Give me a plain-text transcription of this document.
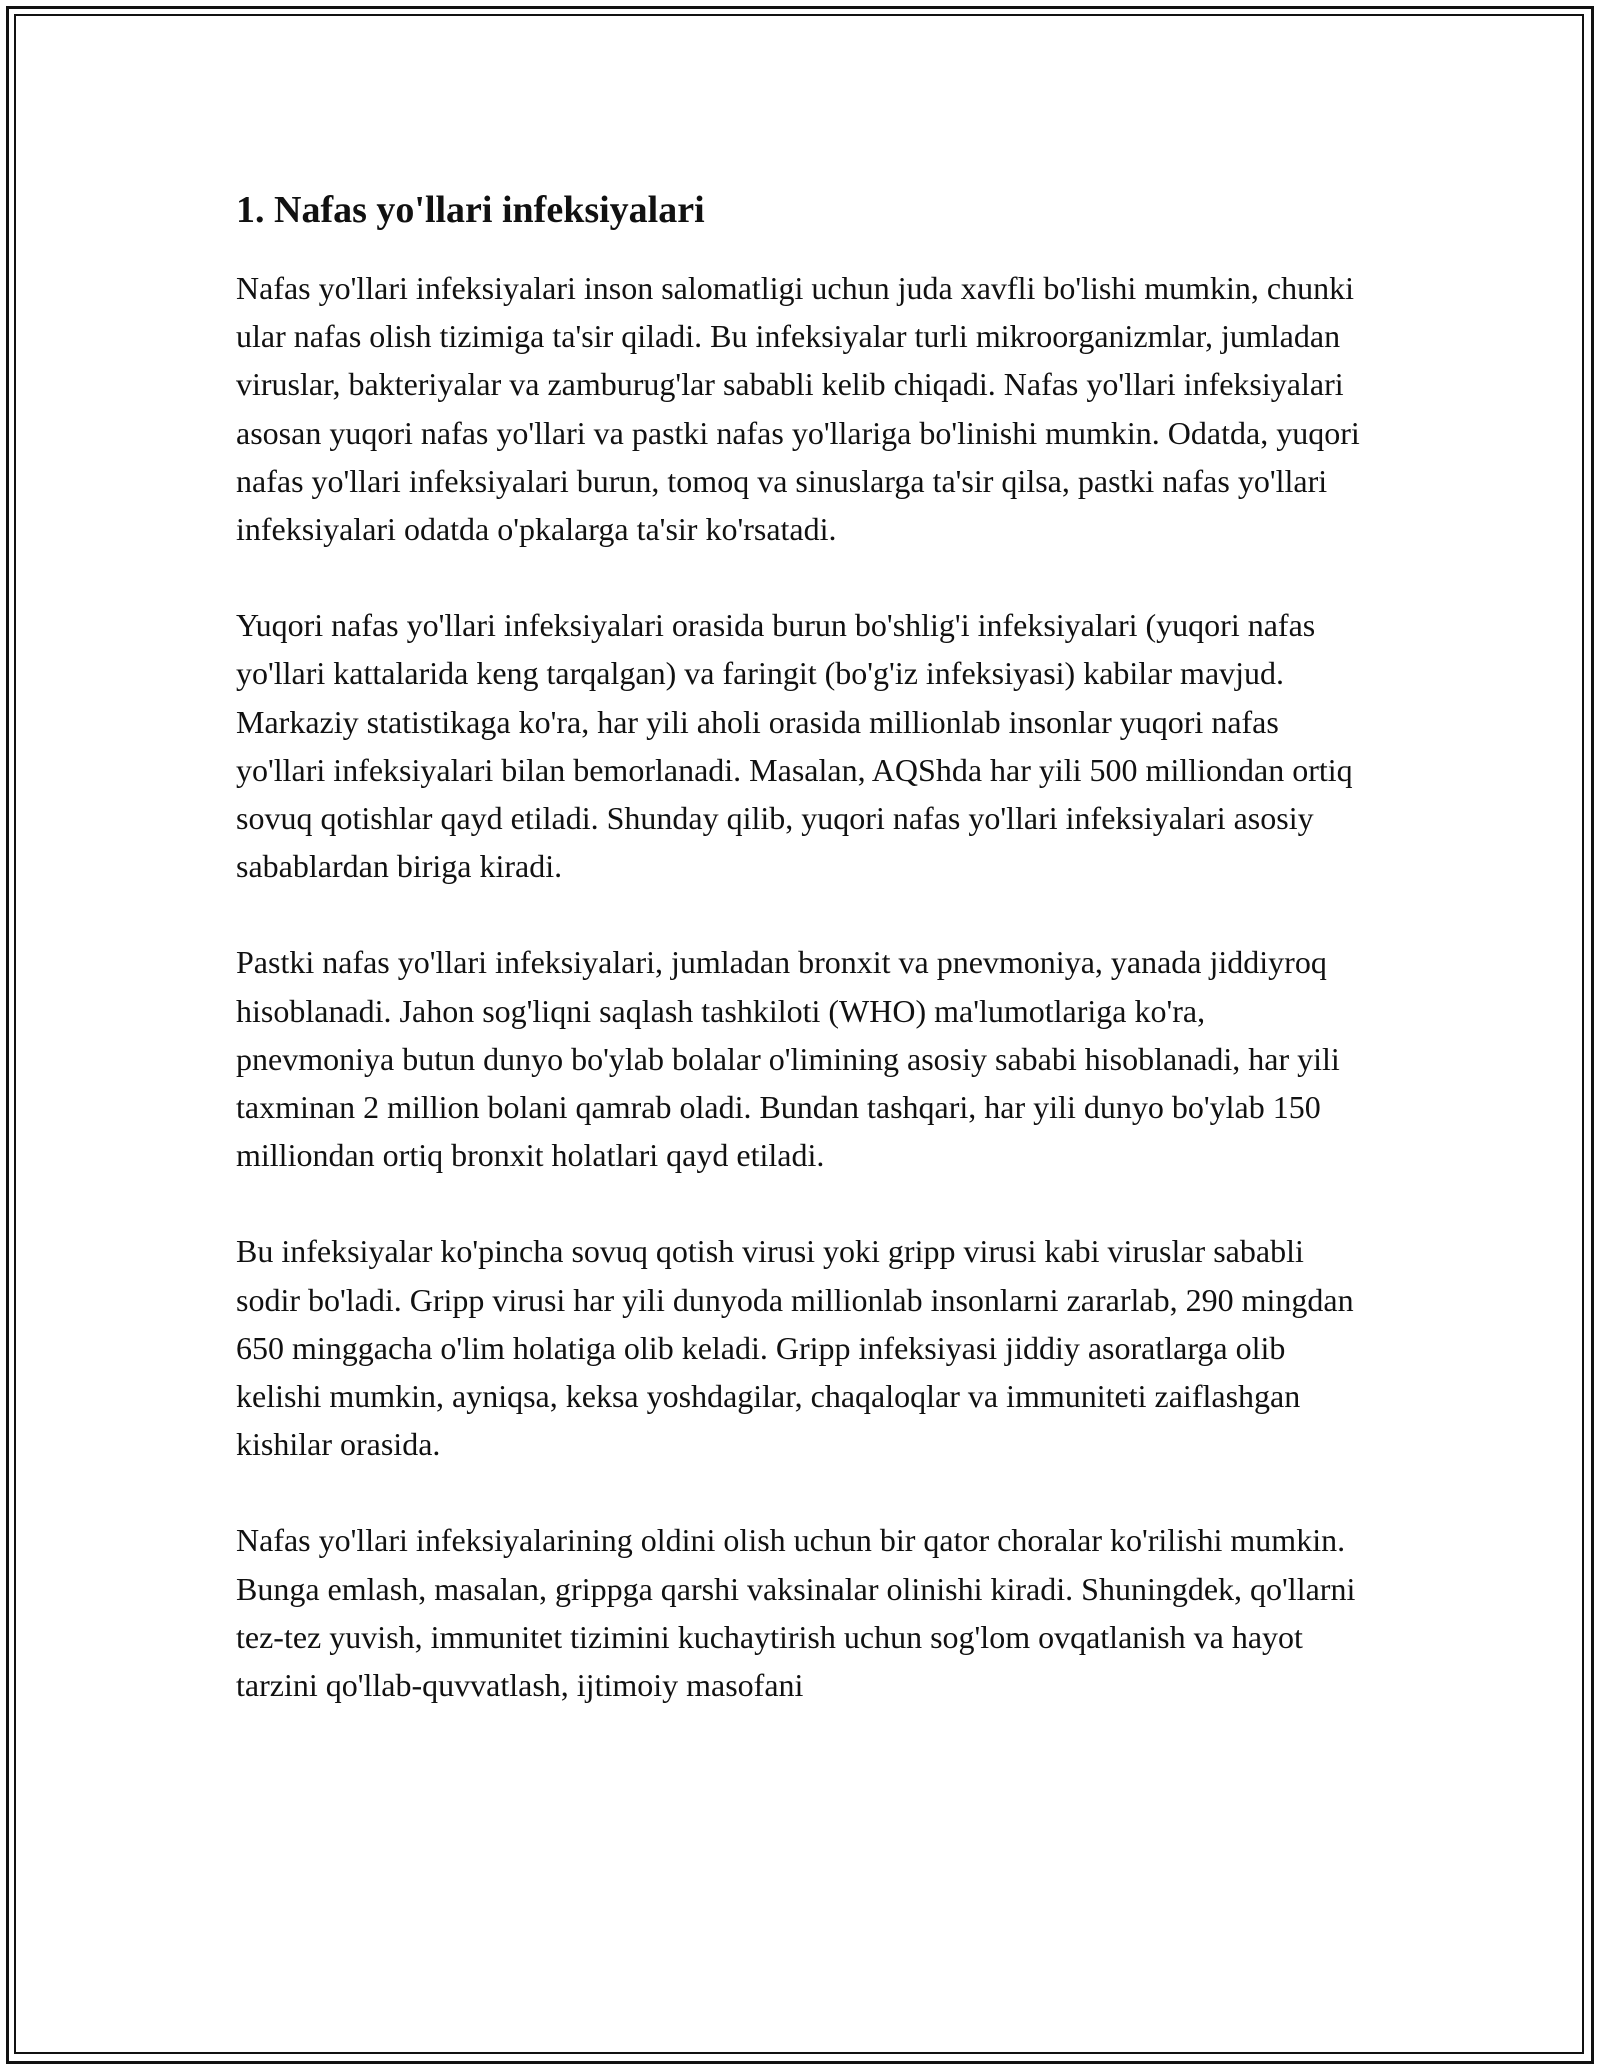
1. Nafas yo'llari infeksiyalari

Nafas yo'llari infeksiyalari inson salomatligi uchun juda xavfli bo'lishi mumkin, chunki ular nafas olish tizimiga ta'sir qiladi. Bu infeksiyalar turli mikroorganizmlar, jumladan viruslar, bakteriyalar va zamburug'lar sababli kelib chiqadi. Nafas yo'llari infeksiyalari asosan yuqori nafas yo'llari va pastki nafas yo'llariga bo'linishi mumkin. Odatda, yuqori nafas yo'llari infeksiyalari burun, tomoq va sinuslarga ta'sir qilsa, pastki nafas yo'llari infeksiyalari odatda o'pkalarga ta'sir ko'rsatadi.

Yuqori nafas yo'llari infeksiyalari orasida burun bo'shlig'i infeksiyalari (yuqori nafas yo'llari kattalarida keng tarqalgan) va faringit (bo'g'iz infeksiyasi) kabilar mavjud. Markaziy statistikaga ko'ra, har yili aholi orasida millionlab insonlar yuqori nafas yo'llari infeksiyalari bilan bemorlanadi. Masalan, AQShda har yili 500 milliondan ortiq sovuq qotishlar qayd etiladi. Shunday qilib, yuqori nafas yo'llari infeksiyalari asosiy sabablardan biriga kiradi.

Pastki nafas yo'llari infeksiyalari, jumladan bronxit va pnevmoniya, yanada jiddiyroq hisoblanadi. Jahon sog'liqni saqlash tashkiloti (WHO) ma'lumotlariga ko'ra, pnevmoniya butun dunyo bo'ylab bolalar o'limining asosiy sababi hisoblanadi, har yili taxminan 2 million bolani qamrab oladi. Bundan tashqari, har yili dunyo bo'ylab 150 milliondan ortiq bronxit holatlari qayd etiladi.

Bu infeksiyalar ko'pincha sovuq qotish virusi yoki gripp virusi kabi viruslar sababli sodir bo'ladi. Gripp virusi har yili dunyoda millionlab insonlarni zararlab, 290 mingdan 650 minggacha o'lim holatiga olib keladi. Gripp infeksiyasi jiddiy asoratlarga olib kelishi mumkin, ayniqsa, keksa yoshdagilar, chaqaloqlar va immuniteti zaiflashgan kishilar orasida.

Nafas yo'llari infeksiyalarining oldini olish uchun bir qator choralar ko'rilishi mumkin. Bunga emlash, masalan, grippga qarshi vaksinalar olinishi kiradi. Shuningdek, qo'llarni tez-tez yuvish, immunitet tizimini kuchaytirish uchun sog'lom ovqatlanish va hayot tarzini qo'llab-quvvatlash, ijtimoiy masofani
